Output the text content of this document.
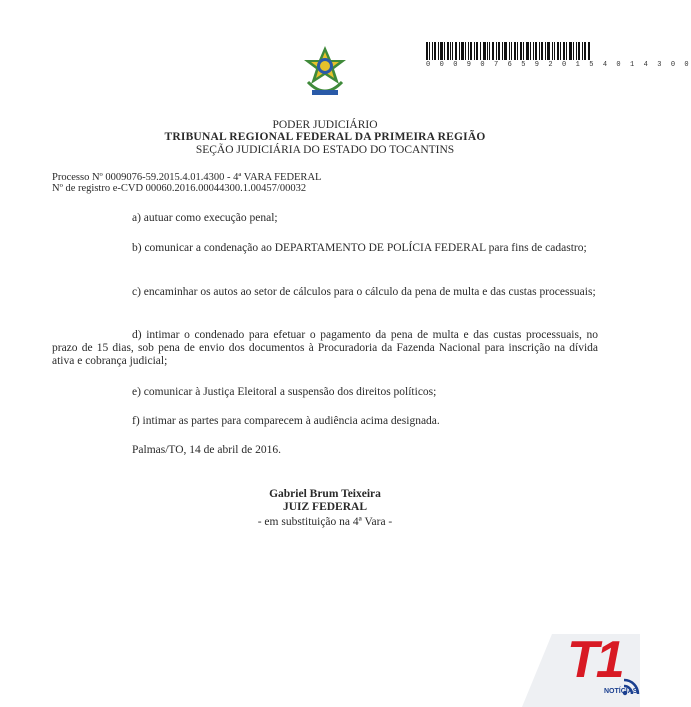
0 0 0 9 0 7 6 5 9 2 0 1 5 4 0 1 4 3 0 0
PODER JUDICIÁRIO
TRIBUNAL REGIONAL FEDERAL DA PRIMEIRA REGIÃO
SEÇÃO JUDICIÁRIA DO ESTADO DO TOCANTINS
Processo Nº 0009076-59.2015.4.01.4300 - 4ª VARA FEDERAL
Nº de registro e-CVD 00060.2016.00044300.1.00457/00032
a) autuar como execução penal;
b) comunicar a condenação ao DEPARTAMENTO DE POLÍCIA FEDERAL para fins de cadastro;
c) encaminhar os autos ao setor de cálculos para o cálculo da pena de multa e das custas processuais;
d) intimar o condenado para efetuar o pagamento da pena de multa e das custas processuais, no prazo de 15 dias, sob pena de envio dos documentos à Procuradoria da Fazenda Nacional para inscrição na dívida ativa e cobrança judicial;
e) comunicar à Justiça Eleitoral a suspensão dos direitos políticos;
f) intimar as partes para comparecem à audiência acima designada.
Palmas/TO, 14 de abril de 2016.
Gabriel Brum Teixeira
JUIZ FEDERAL
- em substituição na 4ª Vara -
T1
NOTÍCIAS
